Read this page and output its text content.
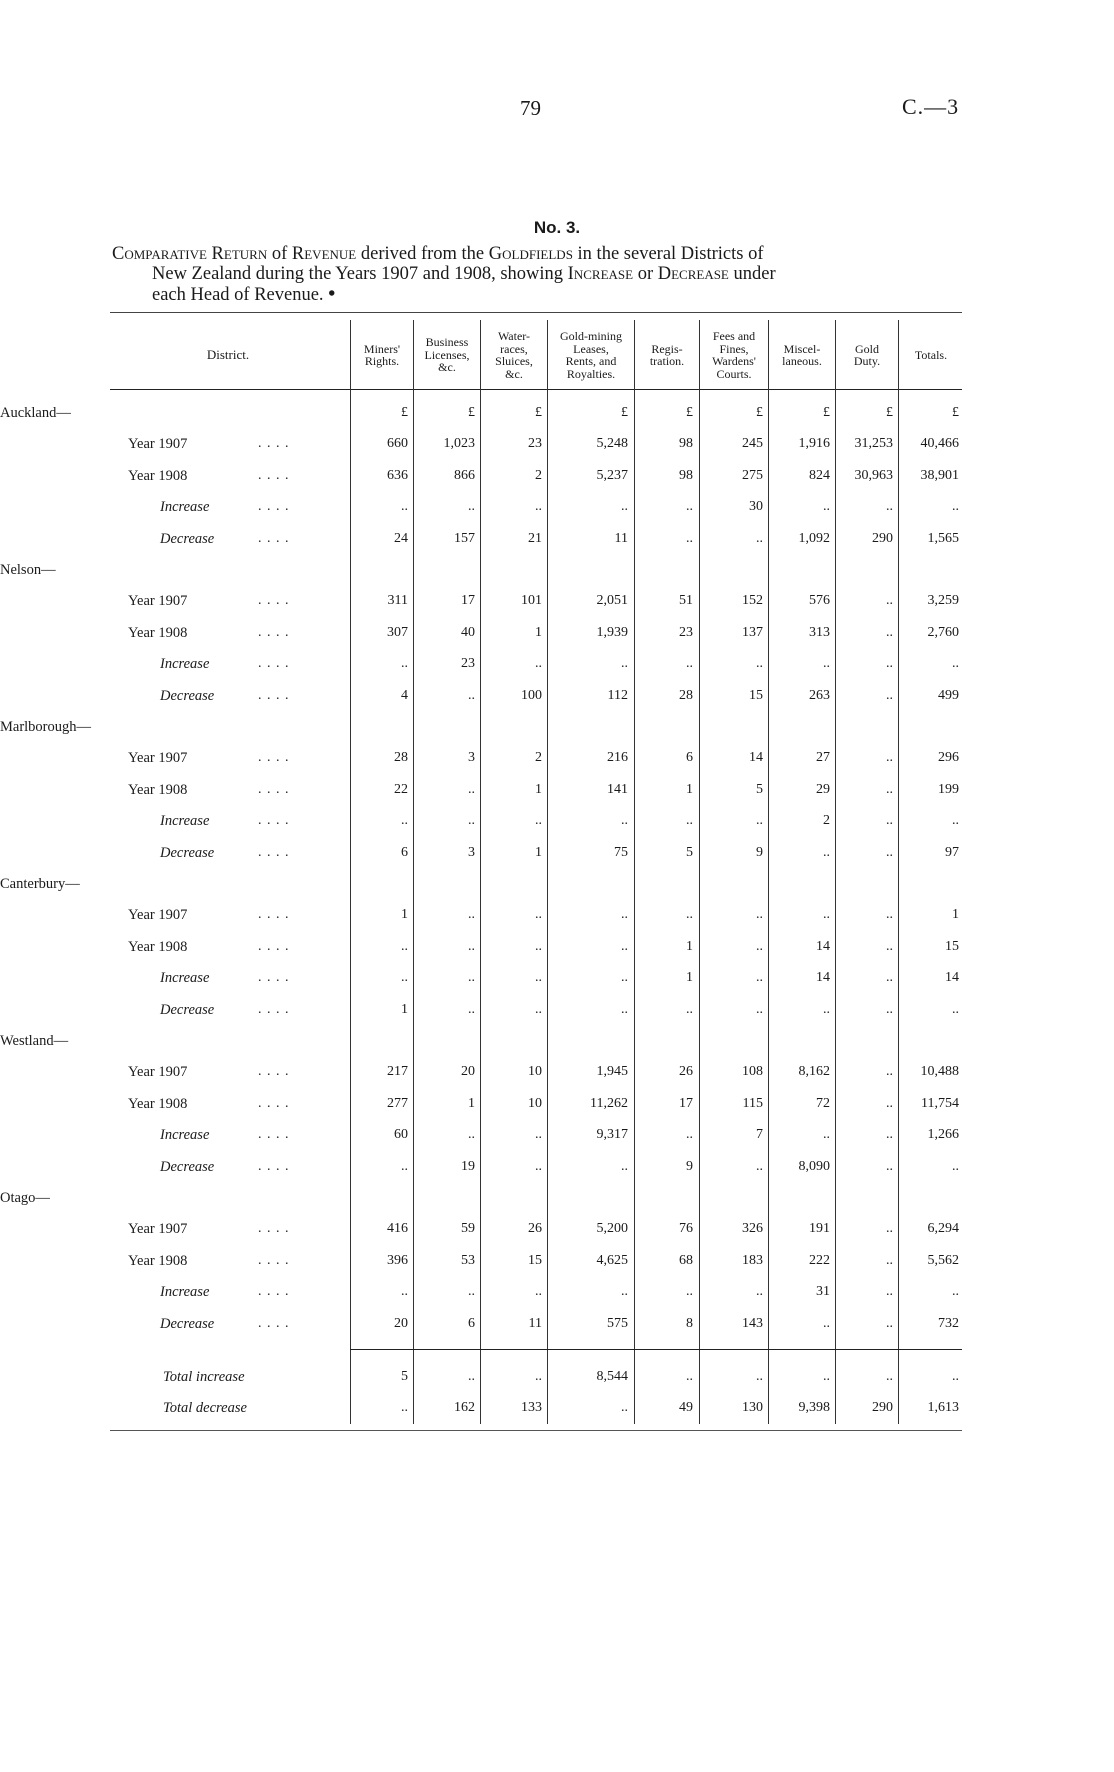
79	C.—3
No. 3.
Comparative Return of Revenue derived from the Goldfields in the several Districts of
New Zealand during the Years 1907 and 1908, showing Increase or Decrease under
each Head of Revenue. •
District.	Miners'
Rights.
Business
Licenses,
&c.
Water-
races,
Sluices,
&c.
Gold-mining
Leases,
Rents, and
Royalties.
Regis-
tration.
Fees and
Fines,
Wardens'
Courts.
Miscel-
laneous.
Gold
Duty.	Totals.
£	£	£	£	£	£	£	£	£
Auckland—
Year 1907	. . . .	660	1,023	23	5,248	98	245	1,916	31,253	40,466
Year 1908	. . . .	636	866	2	5,237	98	275	824	30,963	38,901
Increase	. . . .	..	..	..	..	..	30	..	..	..
Decrease	. . . .	24	157	21	11	..	..	1,092	290	1,565
Nelson—
Year 1907	. . . .	311	17	101	2,051	51	152	576	..	3,259
Year 1908	. . . .	307	40	1	1,939	23	137	313	..	2,760
Increase	. . . .	..	23	..	..	..	..	..	..	..
Decrease	. . . .	4	..	100	112	28	15	263	..	499
Marlborough—
Year 1907	. . . .	28	3	2	216	6	14	27	..	296
Year 1908	. . . .	22	..	1	141	1	5	29	..	199
Increase	. . . .	..	..	..	..	..	..	2	..	..
Decrease	. . . .	6	3	1	75	5	9	..	..	97
Canterbury—
Year 1907	. . . .	1	..	..	..	..	..	..	..	1
Year 1908	. . . .	..	..	..	..	1	..	14	..	15
Increase	. . . .	..	..	..	..	1	..	14	..	14
Decrease	. . . .	1	..	..	..	..	..	..	..	..
Westland—
Year 1907	. . . .	217	20	10	1,945	26	108	8,162	..	10,488
Year 1908	. . . .	277	1	10	11,262	17	115	72	..	11,754
Increase	. . . .	60	..	..	9,317	..	7	..	..	1,266
Decrease	. . . .	..	19	..	..	9	..	8,090	..	..
Otago—
Year 1907	. . . .	416	59	26	5,200	76	326	191	..	6,294
Year 1908	. . . .	396	53	15	4,625	68	183	222	..	5,562
Increase	. . . .	..	..	..	..	..	..	31	..	..
Decrease	. . . .	20	6	11	575	8	143	..	..	732
Total increase	5	..	..	8,544	..	..	..	..	..
Total decrease	..	162	133	..	49	130	9,398	290	1,613
